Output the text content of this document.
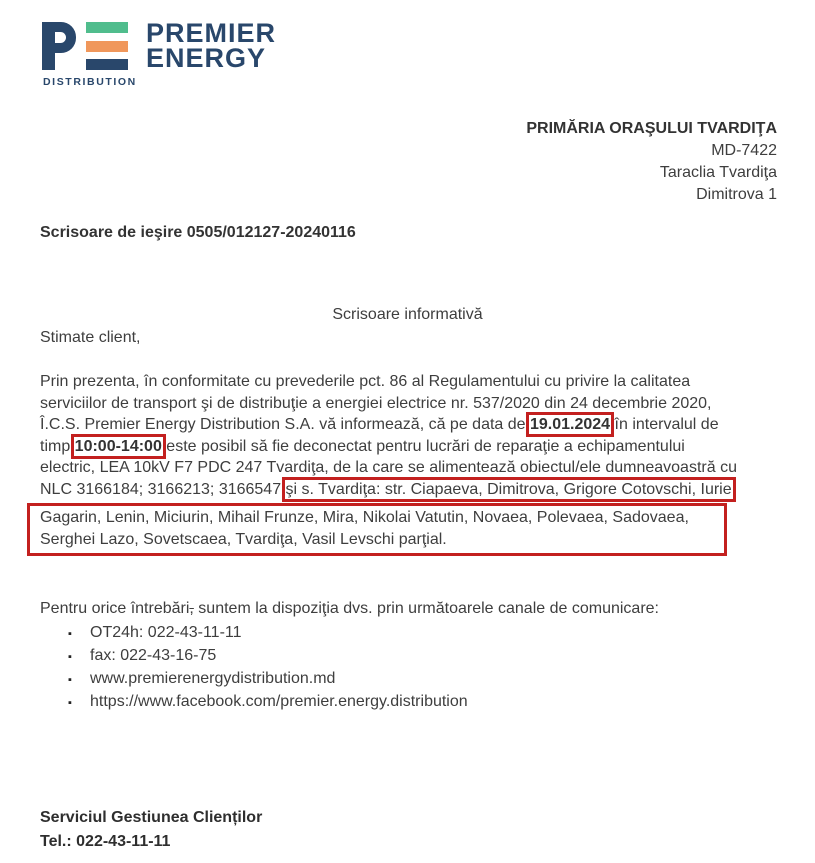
DISTRIBUTION
PREMIER
ENERGY
PRIMĂRIA ORAŞULUI TVARDIŢA
MD-7422
Taraclia Tvardiţa
Dimitrova 1
Scrisoare de ieşire 0505/012127-20240116
Scrisoare informativă
Stimate client,
Prin prezenta, în conformitate cu prevederile pct. 86 al Regulamentului cu privire la calitatea
serviciilor de transport şi de distribuţie a energiei electrice nr. 537/2020 din 24 decembrie 2020,
Î.C.S. Premier Energy Distribution S.A. vă informează, că pe data de 19.01.2024 în intervalul de
timp 10:00-14:00 este posibil să fie deconectat pentru lucrări de reparaţie a echipamentului
electric, LEA 10kV F7 PDC 247 Tvardiţa, de la care se alimentează obiectul/ele dumneavoastră cu
NLC 3166184; 3166213; 3166547 şi s. Tvardiţa: str. Ciapaeva, Dimitrova, Grigore Cotovschi, Iurie
Gagarin, Lenin, Miciurin, Mihail Frunze, Mira, Nikolai Vatutin, Novaea, Polevaea, Sadovaea,
Serghei Lazo, Sovetscaea, Tvardiţa, Vasil Levschi parţial.
Pentru orice întrebări, suntem la dispoziţia dvs. prin următoarele canale de comunicare:
▪	OT24h: 022-43-11-11
▪	fax: 022-43-16-75
▪	www.premierenergydistribution.md
▪	https://www.facebook.com/premier.energy.distribution
Serviciul Gestiunea Clienților
Tel.: 022-43-11-11
